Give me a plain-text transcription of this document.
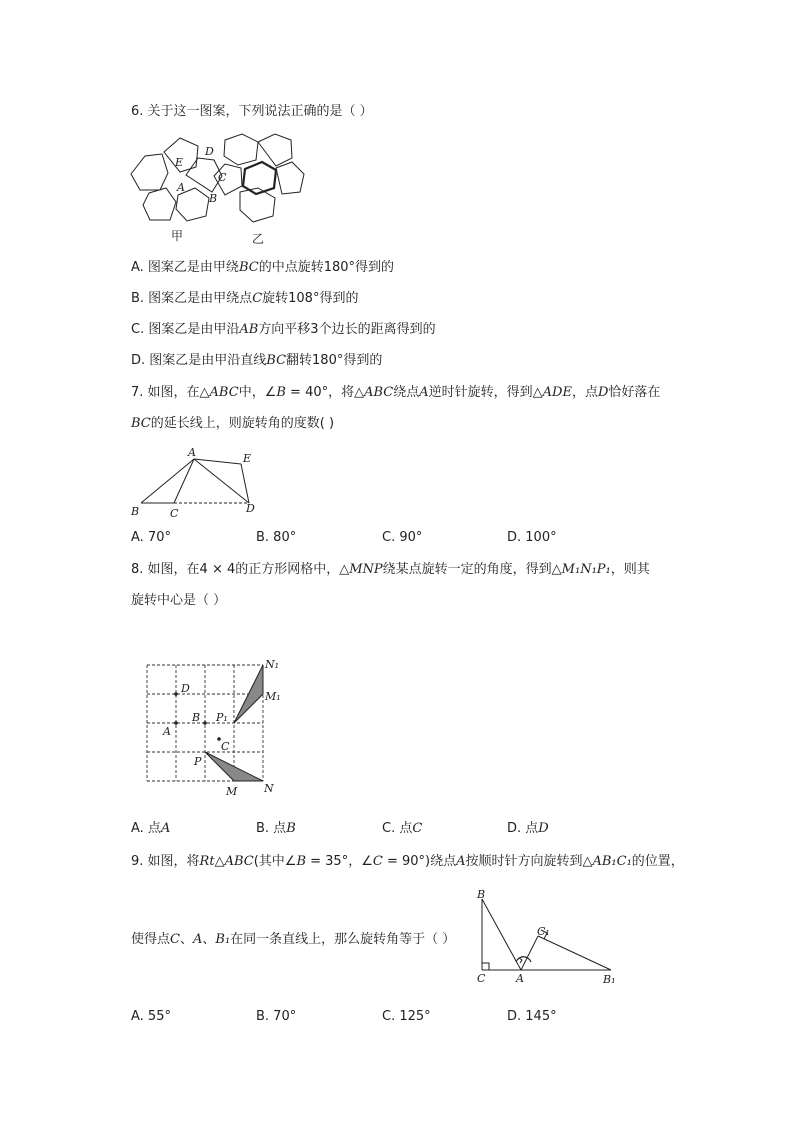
6. 关于这一图案，下列说法正确的是（ ）
E
D
C
A
B
甲	乙
A. 图案乙是由甲绕BC的中点旋转180°得到的
B. 图案乙是由甲绕点C旋转108°得到的
C. 图案乙是由甲沿AB方向平移3个边长的距离得到的
D. 图案乙是由甲沿直线BC翻转180°得到的
7. 如图，在△ABC中，∠B = 40°，将△ABC绕点A逆时针旋转，得到△ADE，点D恰好落在
BC的延长线上，则旋转角的度数( )
A	E
B	C	D
A. 70°	B. 80°	C. 90°	D. 100°
8. 如图，在4 × 4的正方形网格中，△MNP绕某点旋转一定的角度，得到△M₁N₁P₁，则其
旋转中心是（ ）
N₁
D
M₁
B P₁
A
C
P
M N
A. 点A	B. 点B	C. 点C	D. 点D
9. 如图，将Rt△ABC(其中∠B = 35°，∠C = 90°)绕点A按顺时针方向旋转到△AB₁C₁的位置，
使得点C、A、B₁在同一条直线上，那么旋转角等于（ ）
B
C₁
C	A	B₁
A. 55°	B. 70°	C. 125°	D. 145°
